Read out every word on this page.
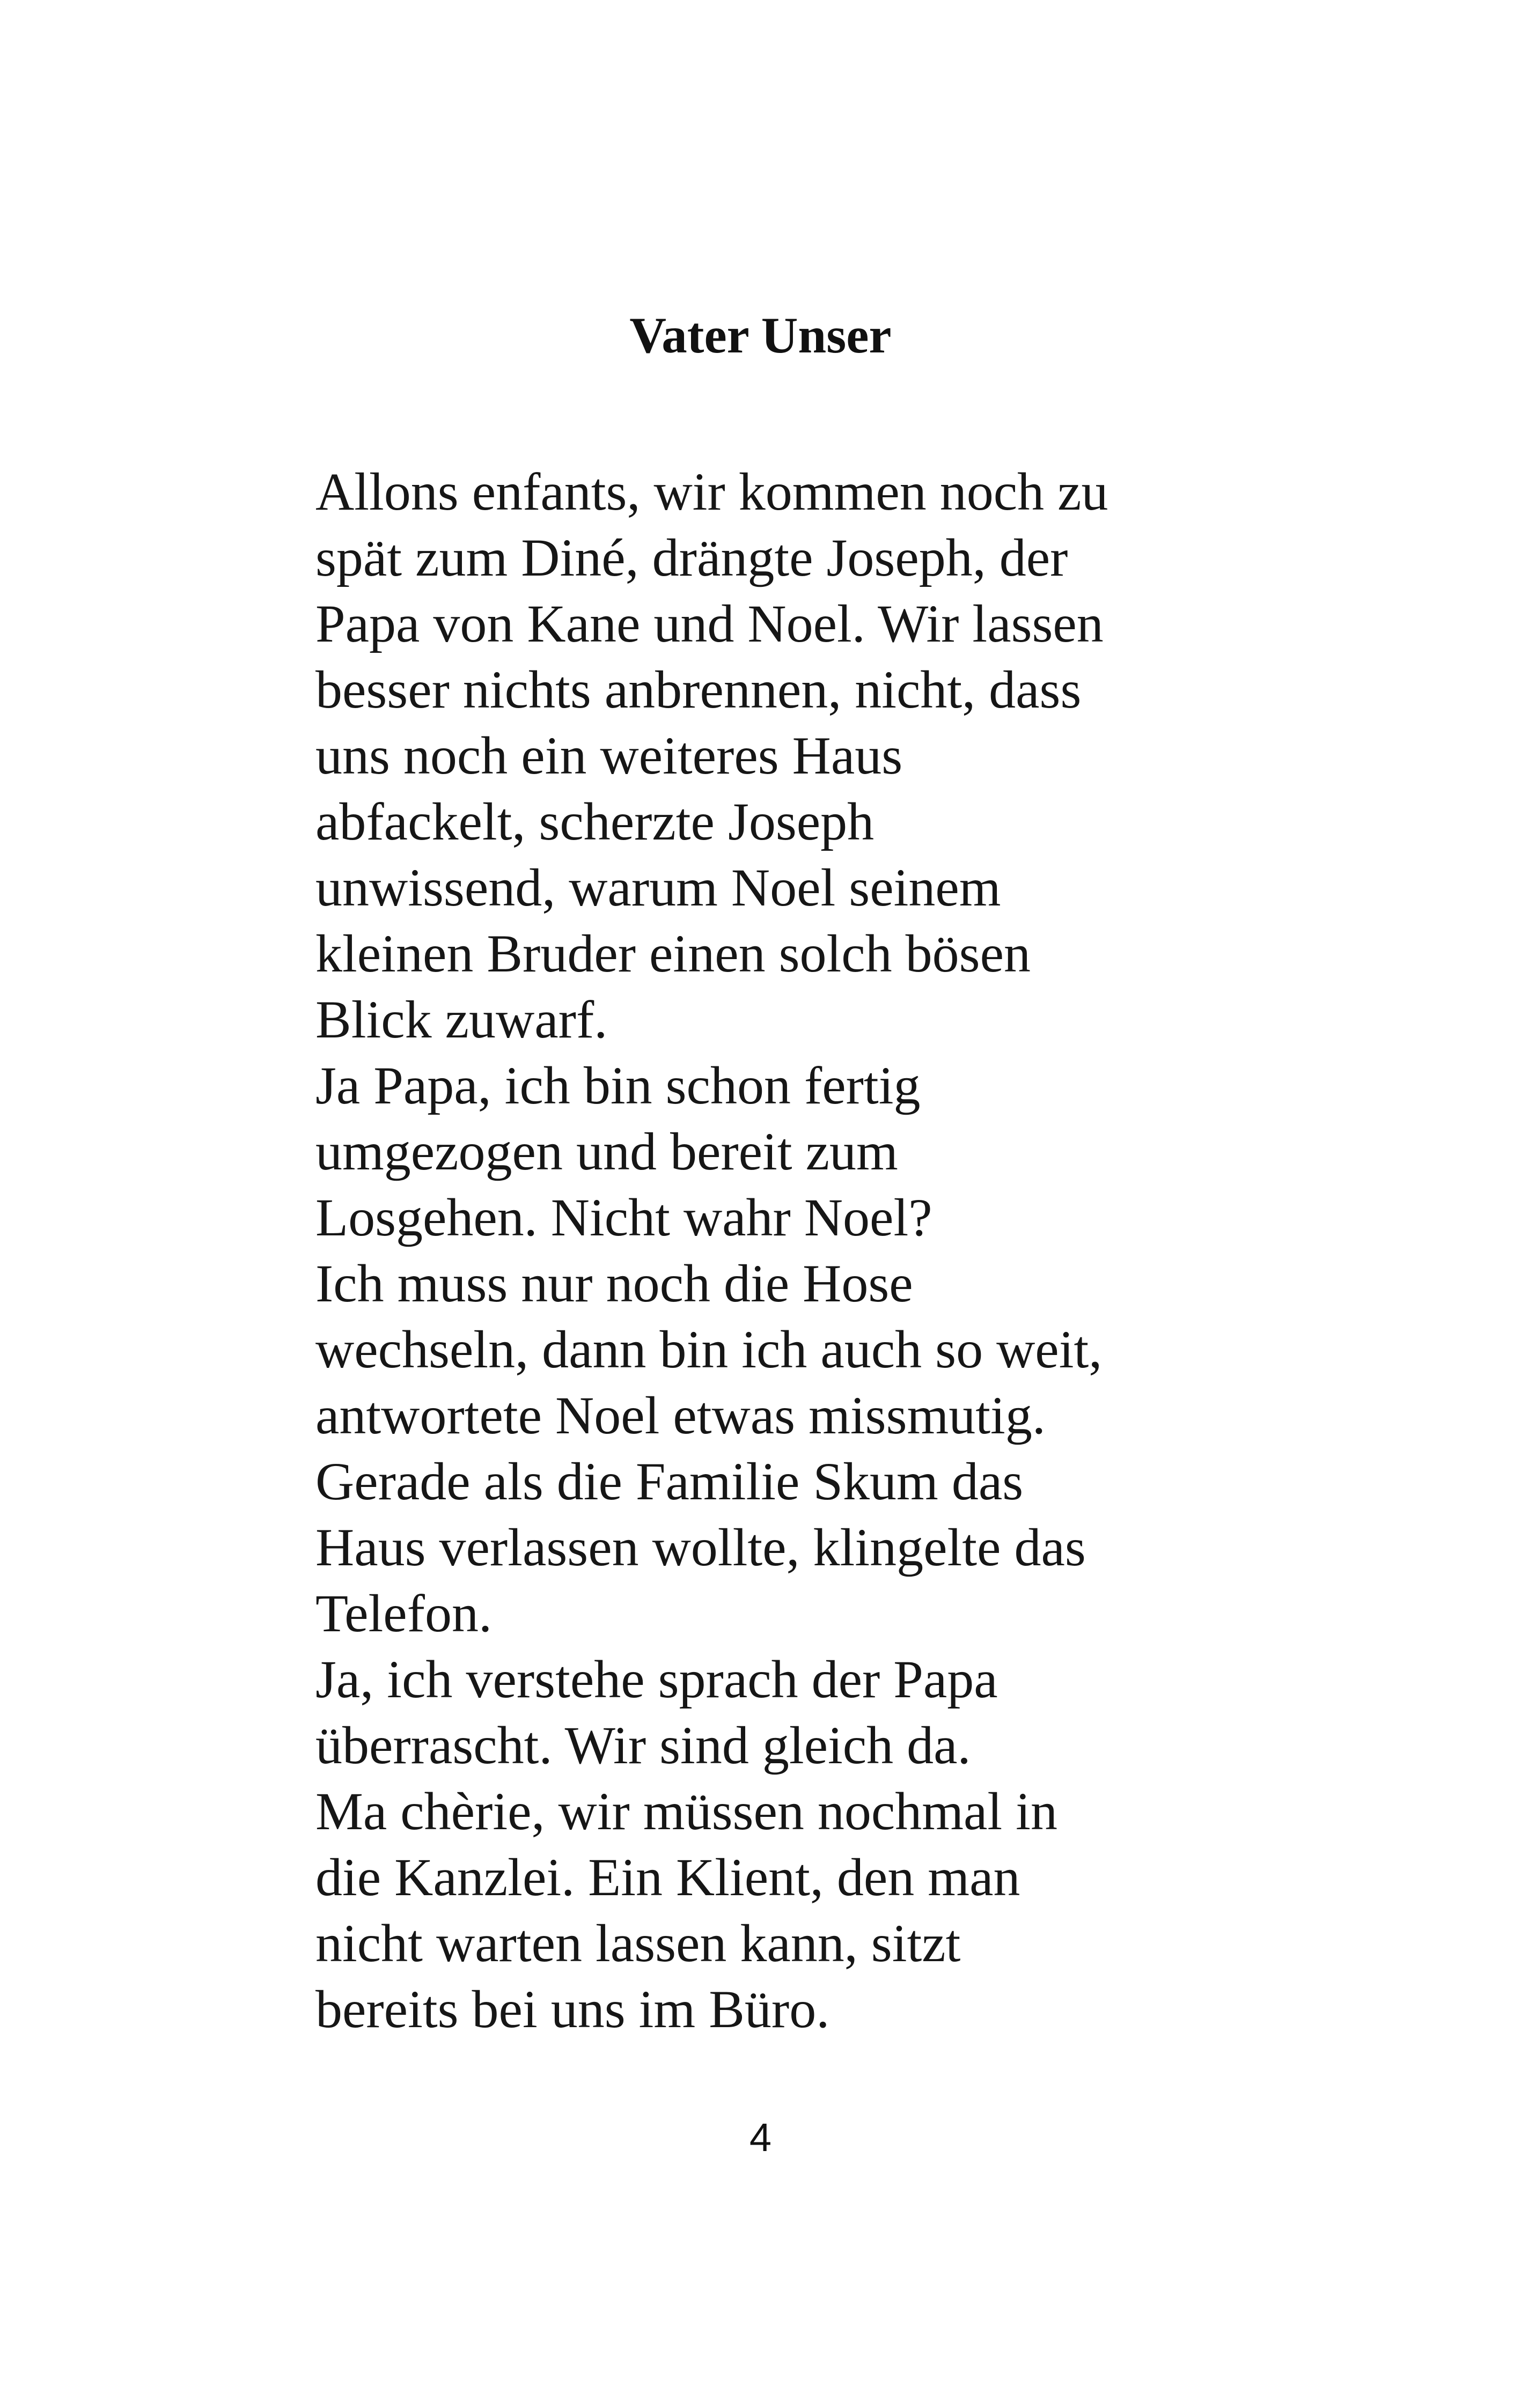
Vater Unser
Allons enfants, wir kommen noch zu
spät zum Diné, drängte Joseph, der
Papa von Kane und Noel. Wir lassen
besser nichts anbrennen, nicht, dass
uns noch ein weiteres Haus
abfackelt, scherzte Joseph
unwissend, warum Noel seinem
kleinen Bruder einen solch bösen
Blick zuwarf.
Ja Papa, ich bin schon fertig
umgezogen und bereit zum
Losgehen. Nicht wahr Noel?
Ich muss nur noch die Hose
wechseln, dann bin ich auch so weit,
antwortete Noel etwas missmutig.
Gerade als die Familie Skum das
Haus verlassen wollte, klingelte das
Telefon.
Ja, ich verstehe sprach der Papa
überrascht. Wir sind gleich da.
Ma chèrie, wir müssen nochmal in
die Kanzlei. Ein Klient, den man
nicht warten lassen kann, sitzt
bereits bei uns im Büro.
4
